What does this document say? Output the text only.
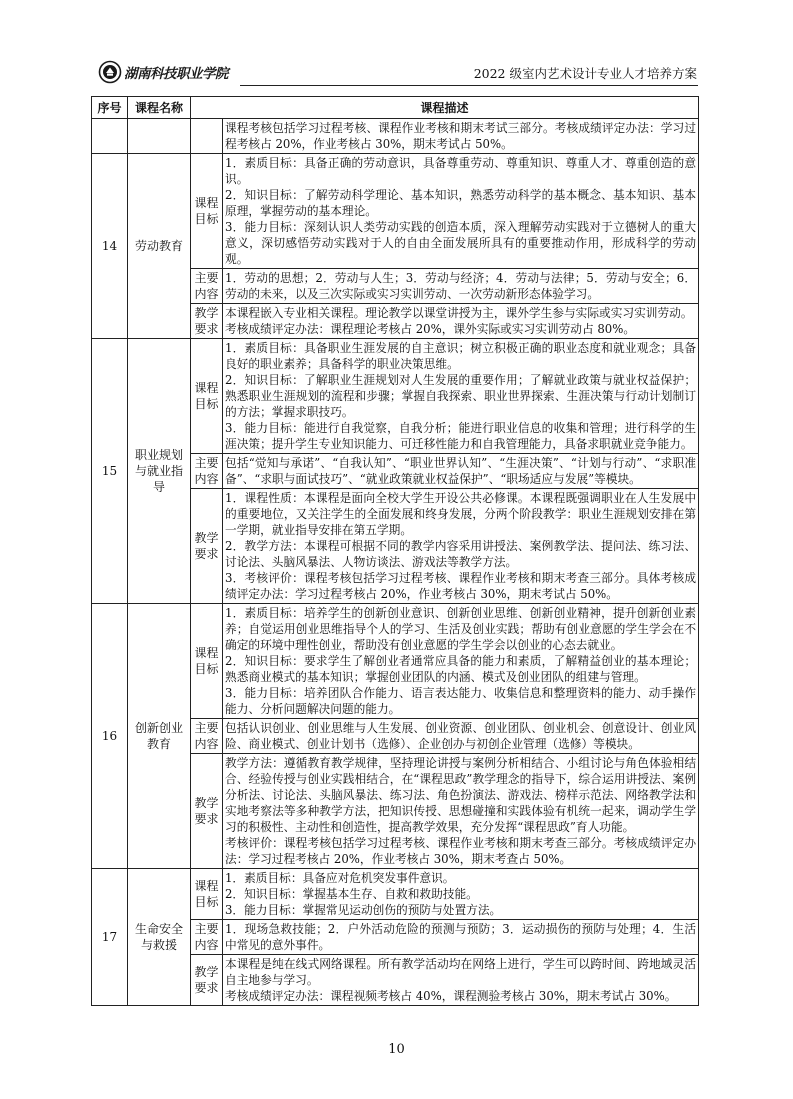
湖南科技职业学院	2022 级室内艺术设计专业人才培养方案
序号	课程名称	课程描述	

			课程考核包括学习过程考核、课程作业考核和期末考试三部分。考核成绩评定办法：学习过程考核占 20%，作业考核占 30%，期末考试占 50%。

14	劳动教育	课程目标	1．素质目标：具备正确的劳动意识，具备尊重劳动、尊重知识、尊重人才、尊重创造的意识。

2．知识目标：了解劳动科学理论、基本知识，熟悉劳动科学的基本概念、基本知识、基本原理，掌握劳动的基本理论。

3．能力目标：深刻认识人类劳动实践的创造本质，深入理解劳动实践对于立德树人的重大意义，深切感悟劳动实践对于人的自由全面发展所具有的重要推动作用，形成科学的劳动观。

		主要内容	1．劳动的思想；2．劳动与人生；3．劳动与经济；4．劳动与法律；5．劳动与安全；6．劳动的未来，以及三次实际或实习实训劳动、一次劳动新形态体验学习。

		教学要求	本课程嵌入专业相关课程。理论教学以课堂讲授为主，课外学生参与实际或实习实训劳动。

考核成绩评定办法：课程理论考核占 20%，课外实际或实习实训劳动占 80%。

15	职业规划与就业指导	课程目标	1．素质目标：具备职业生涯发展的自主意识；树立积极正确的职业态度和就业观念；具备良好的职业素养；具备科学的职业决策思维。

2．知识目标：了解职业生涯规划对人生发展的重要作用；了解就业政策与就业权益保护；熟悉职业生涯规划的流程和步骤；掌握自我探索、职业世界探索、生涯决策与行动计划制订的方法；掌握求职技巧。

3．能力目标：能进行自我觉察，自我分析；能进行职业信息的收集和管理；进行科学的生涯决策；提升学生专业知识能力、可迁移性能力和自我管理能力，具备求职就业竞争能力。

		主要内容	包括“觉知与承诺”、“自我认知”、“职业世界认知”、“生涯决策”、“计划与行动”、“求职准备”、“求职与面试技巧”、“就业政策就业权益保护”、“职场适应与发展”等模块。

		教学要求	1．课程性质：本课程是面向全校大学生开设公共必修课。本课程既强调职业在人生发展中的重要地位，又关注学生的全面发展和终身发展，分两个阶段教学：职业生涯规划安排在第一学期，就业指导安排在第五学期。

2．教学方法：本课程可根据不同的教学内容采用讲授法、案例教学法、提问法、练习法、讨论法、头脑风暴法、人物访谈法、游戏法等教学方法。

3．考核评价：课程考核包括学习过程考核、课程作业考核和期末考查三部分。具体考核成绩评定办法：学习过程考核占 20%，作业考核占 30%，期末考试占 50%。

16	创新创业教育	课程目标	1．素质目标：培养学生的创新创业意识、创新创业思维、创新创业精神，提升创新创业素养；自觉运用创业思维指导个人的学习、生活及创业实践；帮助有创业意愿的学生学会在不确定的环境中理性创业，帮助没有创业意愿的学生学会以创业的心态去就业。

2．知识目标：要求学生了解创业者通常应具备的能力和素质，了解精益创业的基本理论；熟悉商业模式的基本知识；掌握创业团队的内涵、模式及创业团队的组建与管理。

3．能力目标：培养团队合作能力、语言表达能力、收集信息和整理资料的能力、动手操作能力、分析问题解决问题的能力。

		主要内容	包括认识创业、创业思维与人生发展、创业资源、创业团队、创业机会、创意设计、创业风险、商业模式、创业计划书（选修）、企业创办与初创企业管理（选修）等模块。

		教学要求	教学方法：遵循教育教学规律，坚持理论讲授与案例分析相结合、小组讨论与角色体验相结合、经验传授与创业实践相结合，在“课程思政”教学理念的指导下，综合运用讲授法、案例分析法、讨论法、头脑风暴法、练习法、角色扮演法、游戏法、榜样示范法、网络教学法和实地考察法等多种教学方法，把知识传授、思想碰撞和实践体验有机统一起来，调动学生学习的积极性、主动性和创造性，提高教学效果，充分发挥“课程思政”育人功能。

考核评价：课程考核包括学习过程考核、课程作业考核和期末考查三部分。考核成绩评定办法：学习过程考核占 20%，作业考核占 30%，期末考查占 50%。

17	生命安全与救援	课程目标	1．素质目标：具备应对危机突发事件意识。

2．知识目标：掌握基本生存、自救和救助技能。

3．能力目标：掌握常见运动创伤的预防与处置方法。

		主要内容	1．现场急救技能；2．户外活动危险的预测与预防；3．运动损伤的预防与处理；4．生活中常见的意外事件。

		教学要求	本课程是纯在线式网络课程。所有教学活动均在网络上进行，学生可以跨时间、跨地域灵活自主地参与学习。

考核成绩评定办法：课程视频考核占 40%，课程测验考核占 30%，期末考试占 30%。

10
